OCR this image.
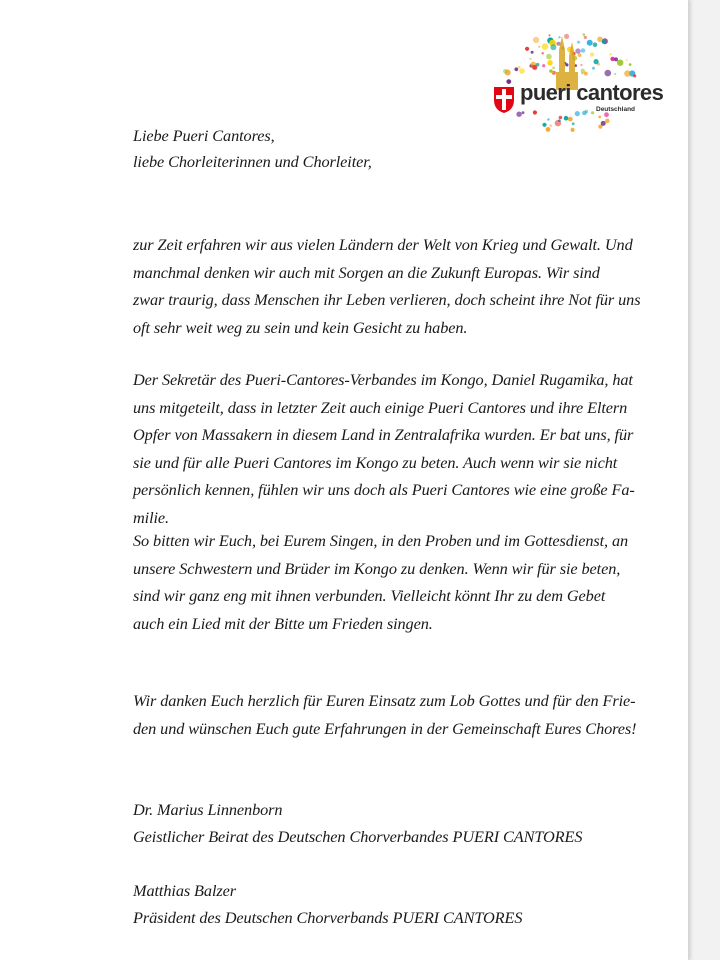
pueri cantores
Deutschland
Liebe Pueri Cantores,
liebe Chorleiterinnen und Chorleiter,
zur Zeit erfahren wir aus vielen Ländern der Welt von Krieg und Gewalt. Und
manchmal denken wir auch mit Sorgen an die Zukunft Europas. Wir sind
zwar traurig, dass Menschen ihr Leben verlieren, doch scheint ihre Not für uns
oft sehr weit weg zu sein und kein Gesicht zu haben.
Der Sekretär des Pueri-Cantores-Verbandes im Kongo, Daniel Rugamika, hat
uns mitgeteilt, dass in letzter Zeit auch einige Pueri Cantores und ihre Eltern
Opfer von Massakern in diesem Land in Zentralafrika wurden. Er bat uns, für
sie und für alle Pueri Cantores im Kongo zu beten. Auch wenn wir sie nicht
persönlich kennen, fühlen wir uns doch als Pueri Cantores wie eine große Fa-
milie.
So bitten wir Euch, bei Eurem Singen, in den Proben und im Gottesdienst, an
unsere Schwestern und Brüder im Kongo zu denken. Wenn wir für sie beten,
sind wir ganz eng mit ihnen verbunden. Vielleicht könnt Ihr zu dem Gebet
auch ein Lied mit der Bitte um Frieden singen.
Wir danken Euch herzlich für Euren Einsatz zum Lob Gottes und für den Frie-
den und wünschen Euch gute Erfahrungen in der Gemeinschaft Eures Chores!
Dr. Marius Linnenborn
Geistlicher Beirat des Deutschen Chorverbandes PUERI CANTORES
Matthias Balzer
Präsident des Deutschen Chorverbands PUERI CANTORES
